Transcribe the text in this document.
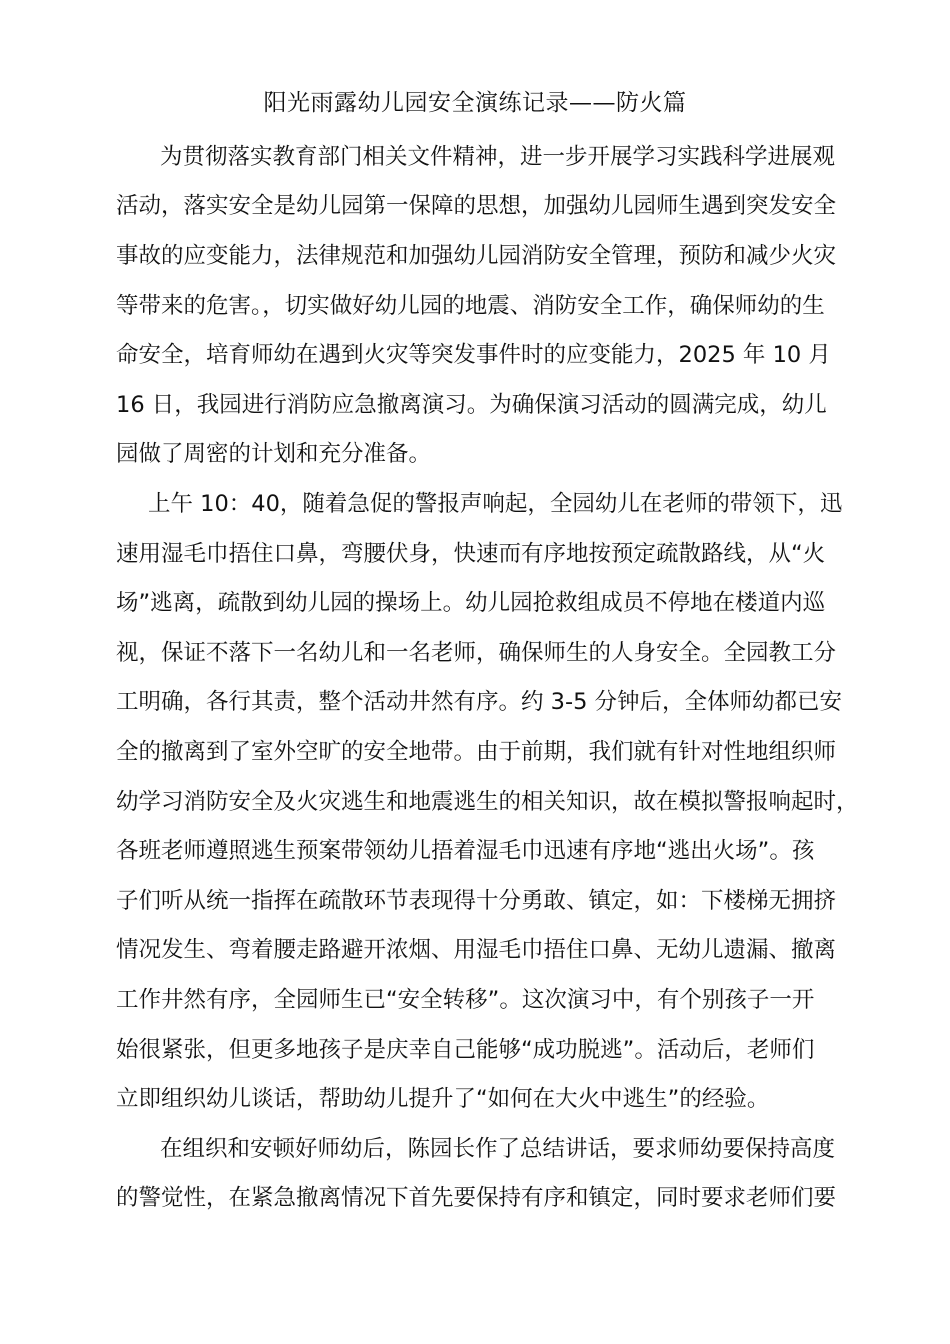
阳光雨露幼儿园安全演练记录——防火篇
为贯彻落实教育部门相关文件精神，进一步开展学习实践科学进展观
活动，落实安全是幼儿园第一保障的思想，加强幼儿园师生遇到突发安全
事故的应变能力，法律规范和加强幼儿园消防安全管理，预防和减少火灾
等带来的危害。，切实做好幼儿园的地震、消防安全工作，确保师幼的生
命安全，培育师幼在遇到火灾等突发事件时的应变能力，2025 年 10 月
16 日，我园进行消防应急撤离演习。为确保演习活动的圆满完成，幼儿
园做了周密的计划和充分准备。
上午 10：40，随着急促的警报声响起，全园幼儿在老师的带领下，迅
速用湿毛巾捂住口鼻，弯腰伏身，快速而有序地按预定疏散路线，从“火
场”逃离，疏散到幼儿园的操场上。幼儿园抢救组成员不停地在楼道内巡
视，保证不落下一名幼儿和一名老师，确保师生的人身安全。全园教工分
工明确，各行其责，整个活动井然有序。约 3-5 分钟后，全体师幼都已安
全的撤离到了室外空旷的安全地带。由于前期，我们就有针对性地组织师
幼学习消防安全及火灾逃生和地震逃生的相关知识，故在模拟警报响起时，
各班老师遵照逃生预案带领幼儿捂着湿毛巾迅速有序地“逃出火场”。孩
子们听从统一指挥在疏散环节表现得十分勇敢、镇定，如：下楼梯无拥挤
情况发生、弯着腰走路避开浓烟、用湿毛巾捂住口鼻、无幼儿遗漏、撤离
工作井然有序，全园师生已“安全转移”。这次演习中，有个别孩子一开
始很紧张，但更多地孩子是庆幸自己能够“成功脱逃”。活动后，老师们
立即组织幼儿谈话，帮助幼儿提升了“如何在大火中逃生”的经验。
在组织和安顿好师幼后，陈园长作了总结讲话，要求师幼要保持高度
的警觉性，在紧急撤离情况下首先要保持有序和镇定，同时要求老师们要
